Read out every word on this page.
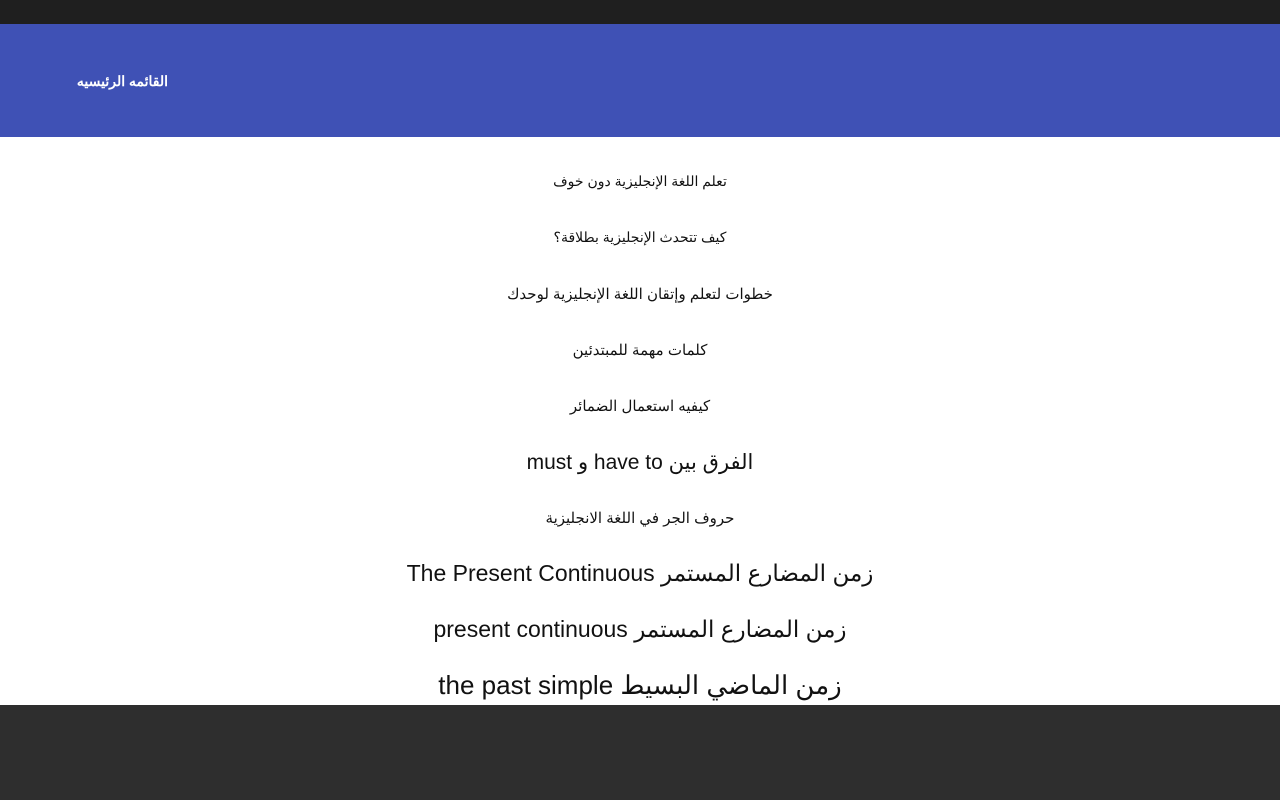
القائمه الرئيسيه
تعلم اللغة الإنجليزية دون خوف
كيف تتحدث الإنجليزية بطلاقة؟
خطوات لتعلم وإتقان اللغة الإنجليزية لوحدك
كلمات مهمة للمبتدئين
كيفيه استعمال الضمائر
الفرق بين have to و must
حروف الجر في اللغة الانجليزية
زمن المضارع المستمر The Present Continuous
زمن المضارع المستمر present continuous
زمن الماضي البسيط the past simple
